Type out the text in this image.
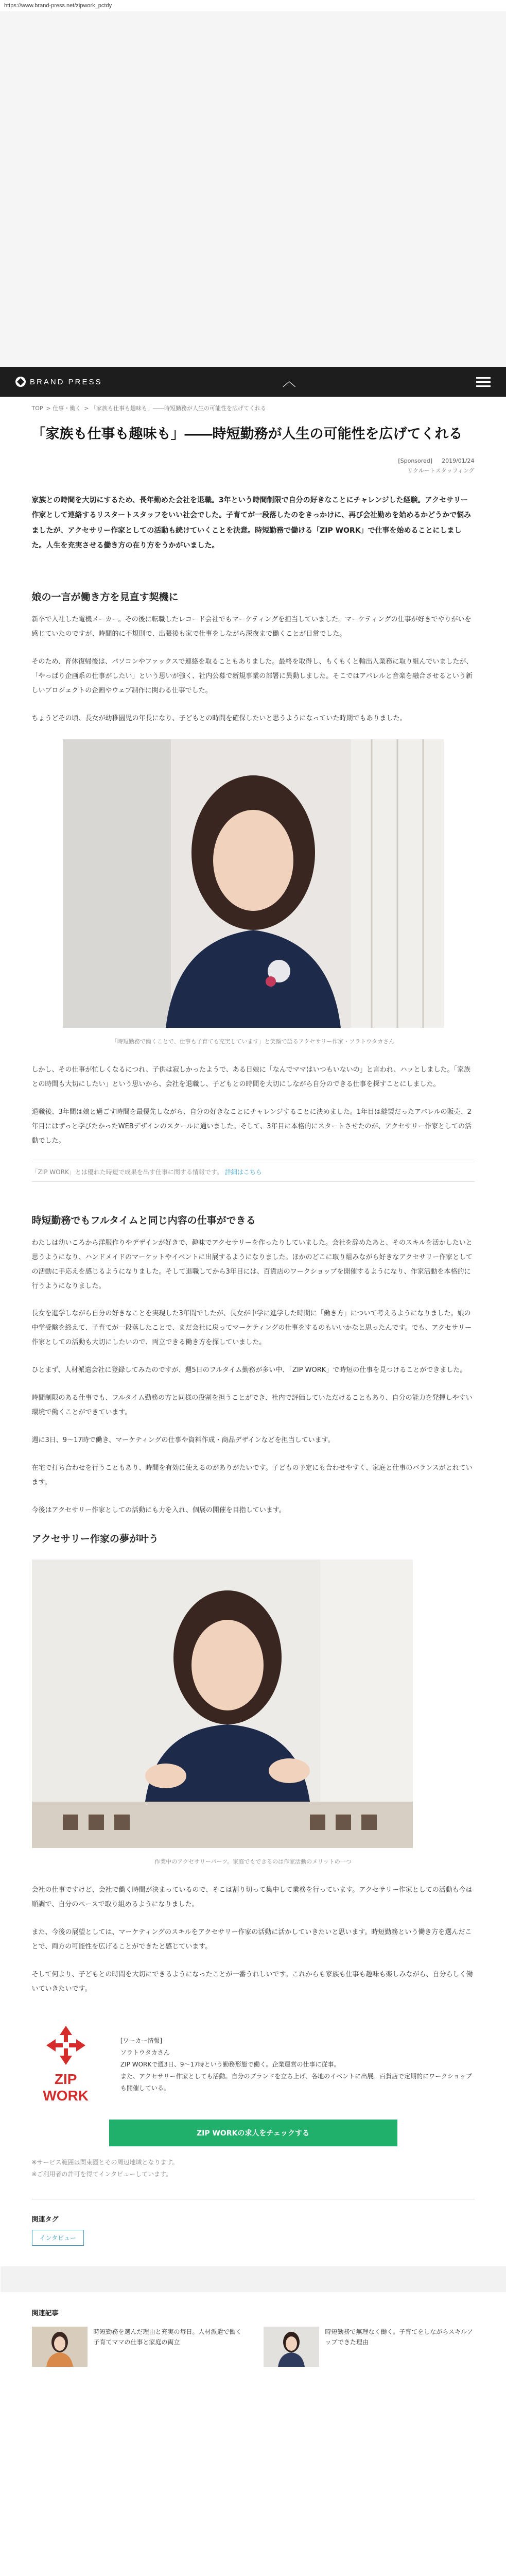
https://www.brand-press.net/zipwork_pctdy
BRAND PRESS	︿
TOP > 仕事・働く > 「家族も仕事も趣味も」――時短勤務が人生の可能性を広げてくれる
「家族も仕事も趣味も」――時短勤務が人生の可能性を広げてくれる
[Sponsored] 2019/01/24
リクルートスタッフィング

家族との時間を大切にするため、長年勤めた会社を退職。3年という時間制限で自分の好きなことにチャレンジした経験。アクセサリー作家として連絡するリスタートスタッフをいい社会でした。子育てが一段落したのをきっかけに、再び会社勤めを始めるかどうかで悩みましたが、アクセサリー作家としての活動も続けていくことを決意。時短勤務で働ける「ZIP WORK」で仕事を始めることにしました。人生を充実させる働き方の在り方をうかがいました。

娘の一言が働き方を見直す契機に

新卒で入社した電機メーカー。その後に転職したレコード会社でもマーケティングを担当していました。マーケティングの仕事が好きでやりがいを感じていたのですが、時間的に不規則で、出張後も家で仕事をしながら深夜まで働くことが日常でした。

そのため、育休復帰後は、パソコンやファックスで連絡を取ることもありました。最終を取得し、もくもくと輸出入業務に取り組んでいましたが、「やっぱり企画系の仕事がしたい」という思いが強く、社内公募で新規事業の部署に異動しました。そこではアパレルと音楽を融合させるという新しいプロジェクトの企画やウェブ制作に関わる仕事でした。

ちょうどその頃、長女が幼稚園児の年長になり、子どもとの時間を確保したいと思うようになっていた時期でもありました。

「時短勤務で働くことで、仕事も子育ても充実しています」と笑顔で語るアクセサリー作家・ソラトウタカさん

しかし、その仕事が忙しくなるにつれ、子供は寂しかったようで、ある日娘に「なんでママはいつもいないの」と言われ、ハッとしました。「家族との時間も大切にしたい」という思いから、会社を退職し、子どもとの時間を大切にしながら自分のできる仕事を探すことにしました。

退職後、3年間は娘と過ごす時間を最優先しながら、自分の好きなことにチャレンジすることに決めました。1年目は縫製だったアパレルの販売、2年目にはずっと学びたかったWEBデザインのスクールに通いました。そして、3年目に本格的にスタートさせたのが、アクセサリー作家としての活動でした。

「ZIP WORK」とは優れた時短で成果を出す仕事に関する情報です。 詳細はこちら
時短勤務でもフルタイムと同じ内容の仕事ができる

わたしは幼いころから洋服作りやデザインが好きで、趣味でアクセサリーを作ったりしていました。会社を辞めたあと、そのスキルを活かしたいと思うようになり、ハンドメイドのマーケットやイベントに出展するようになりました。ほかのどこに取り組みながら好きなアクセサリー作家としての活動に手応えを感じるようになりました。そして退職してから3年目には、百貨店のワークショップを開催するようになり、作家活動を本格的に行うようになりました。

長女を進学しながら自分の好きなことを実現した3年間でしたが、長女が中学に進学した時期に「働き方」について考えるようになりました。娘の中学受験を終えて、子育てが一段落したことで、まだ会社に戻ってマーケティングの仕事をするのもいいかなと思ったんです。でも、アクセサリー作家としての活動も大切にしたいので、両立できる働き方を探していました。

ひとまず、人材派遣会社に登録してみたのですが、週5日のフルタイム勤務が多い中、「ZIP WORK」で時短の仕事を見つけることができました。

時間制限のある仕事でも、フルタイム勤務の方と同様の役割を担うことができ、社内で評価していただけることもあり、自分の能力を発揮しやすい環境で働くことができています。

週に3日、9〜17時で働き、マーケティングの仕事や資料作成・商品デザインなどを担当しています。

在宅で打ち合わせを行うこともあり、時間を有効に使えるのがありがたいです。子どもの予定にも合わせやすく、家庭と仕事のバランスがとれています。

今後はアクセサリー作家としての活動にも力を入れ、個展の開催を目指しています。

アクセサリー作家の夢が叶う
作業中のアクセサリーパーツ。家庭でもできるのは作家活動のメリットの一つ

会社の仕事ですけど、会社で働く時間が決まっているので、そこは割り切って集中して業務を行っています。アクセサリー作家としての活動も今は順調で、自分のペースで取り組めるようになりました。

また、今後の展望としては、マーケティングのスキルをアクセサリー作家の活動に活かしていきたいと思います。時短勤務という働き方を選んだことで、両方の可能性を広げることができたと感じています。

そして何より、子どもとの時間を大切にできるようになったことが一番うれしいです。これからも家族も仕事も趣味も楽しみながら、自分らしく働いていきたいです。

ZIP WORK
[ワーカー情報]
ソラトウタカさん
ZIP WORKで週3日、9〜17時という勤務形態で働く。企業運営の仕事に従事。
また、アクセサリー作家としても活動。自分のブランドを立ち上げ、各地のイベントに出展。百貨店で定期的にワークショップも開催している。
ZIP WORKの求人をチェックする
※サービス範囲は関東圏とその周辺地域となります。
※ご利用者の許可を得てインタビューしています。
関連タグ
インタビュー
関連記事
時短勤務を選んだ理由と充実の毎日。人材派遣で働く子育てママの仕事と家庭の両立
時短勤務で無理なく働く。子育てをしながらスキルアップできた理由
